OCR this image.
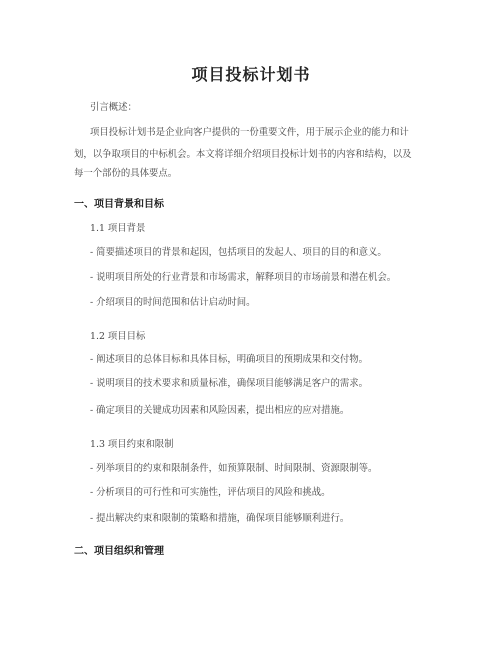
项目投标计划书
引言概述：
项目投标计划书是企业向客户提供的一份重要文件，用于展示企业的能力和计
划，以争取项目的中标机会。本文将详细介绍项目投标计划书的内容和结构，以及
每一个部份的具体要点。
一、项目背景和目标
1.1 项目背景
- 简要描述项目的背景和起因，包括项目的发起人、项目的目的和意义。
- 说明项目所处的行业背景和市场需求，解释项目的市场前景和潜在机会。
- 介绍项目的时间范围和估计启动时间。
1.2 项目目标
- 阐述项目的总体目标和具体目标，明确项目的预期成果和交付物。
- 说明项目的技术要求和质量标准，确保项目能够满足客户的需求。
- 确定项目的关键成功因素和风险因素，提出相应的应对措施。
1.3 项目约束和限制
- 列举项目的约束和限制条件，如预算限制、时间限制、资源限制等。
- 分析项目的可行性和可实施性，评估项目的风险和挑战。
- 提出解决约束和限制的策略和措施，确保项目能够顺利进行。
二、项目组织和管理
